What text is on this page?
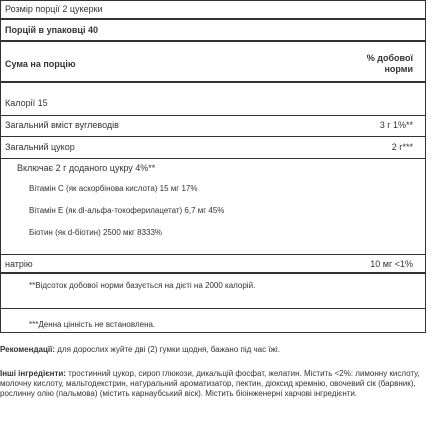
Розмір порції 2 цукерки
Порцій в упаковці 40
Сума на порцію
% добової норми
Калорії 15
Загальний вміст вуглеводів	3 г 1%**
Загальний цукор	2 г***
Включає 2 г доданого цукру 4%**
Вітамін С (як аскорбінова кислота) 15 мг 17%
Вітамін Е (як dl-альфа-токоферилацетат) 6,7 мг 45%
Біотин (як d-біотин) 2500 мкг 8333%
натрію	10 мг <1%
**Відсоток добової норми базується на дієті на 2000 калорій.
***Денна цінність не встановлена.
Рекомендації: для дорослих жуйте дві (2) гумки щодня, бажано під час їжі.
Інші інгредієнти: тростинний цукор, сироп глюкози, дикальцій фосфат, желатин. Містить <2%: лимонну кислоту, молочну кислоту, мальтодекстрин, натуральний ароматизатор, пектин, діоксид кремнію, овочевий сік (барвник), рослинну олію (пальмова) (містить карнаубський віск). Містить біоінженерні харчові інгредієнти.
